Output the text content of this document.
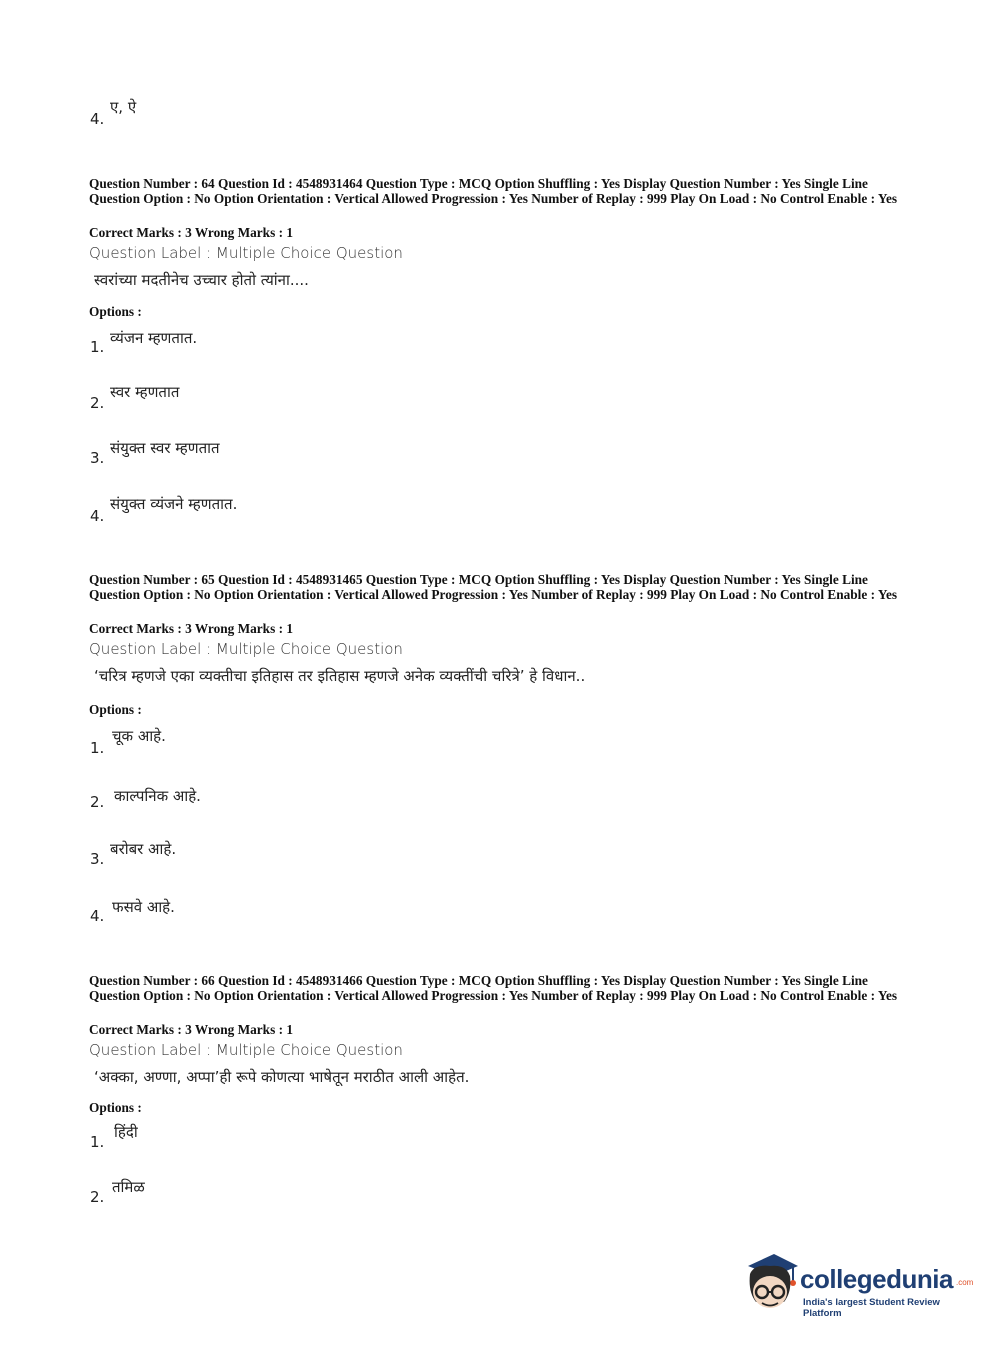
4.
ए, ऐ
Question Number : 64 Question Id : 4548931464 Question Type : MCQ Option Shuffling : Yes Display Question Number : Yes Single Line Question Option : No Option Orientation : Vertical Allowed Progression : Yes Number of Replay : 999 Play On Load : No Control Enable : Yes
Correct Marks : 3 Wrong Marks : 1
Question Label : Multiple Choice Question
स्वरांच्या मदतीनेच उच्चार होतो त्यांना....
Options :
1. व्यंजन म्हणतात.
2.
स्वर म्हणतात
3.
संयुक्त स्वर म्हणतात
4.
संयुक्त व्यंजने म्हणतात.
Question Number : 65 Question Id : 4548931465 Question Type : MCQ Option Shuffling : Yes Display Question Number : Yes Single Line Question Option : No Option Orientation : Vertical Allowed Progression : Yes Number of Replay : 999 Play On Load : No Control Enable : Yes
Correct Marks : 3 Wrong Marks : 1
Question Label : Multiple Choice Question
‘चरित्र म्हणजे एका व्यक्तीचा इतिहास तर इतिहास म्हणजे अनेक व्यक्तींची चरित्रे’ हे विधान..
Options :
1.
चूक आहे.
2. काल्पनिक आहे.
3.
बरोबर आहे.
4. फसवे आहे.
Question Number : 66 Question Id : 4548931466 Question Type : MCQ Option Shuffling : Yes Display Question Number : Yes Single Line Question Option : No Option Orientation : Vertical Allowed Progression : Yes Number of Replay : 999 Play On Load : No Control Enable : Yes
Correct Marks : 3 Wrong Marks : 1
Question Label : Multiple Choice Question
‘अक्का, अण्णा, अप्पा’ही रूपे कोणत्या भाषेतून मराठीत आली आहेत.
Options :
1.
हिंदी
2.
तमिळ
collegedunia .com
India's largest Student Review Platform
